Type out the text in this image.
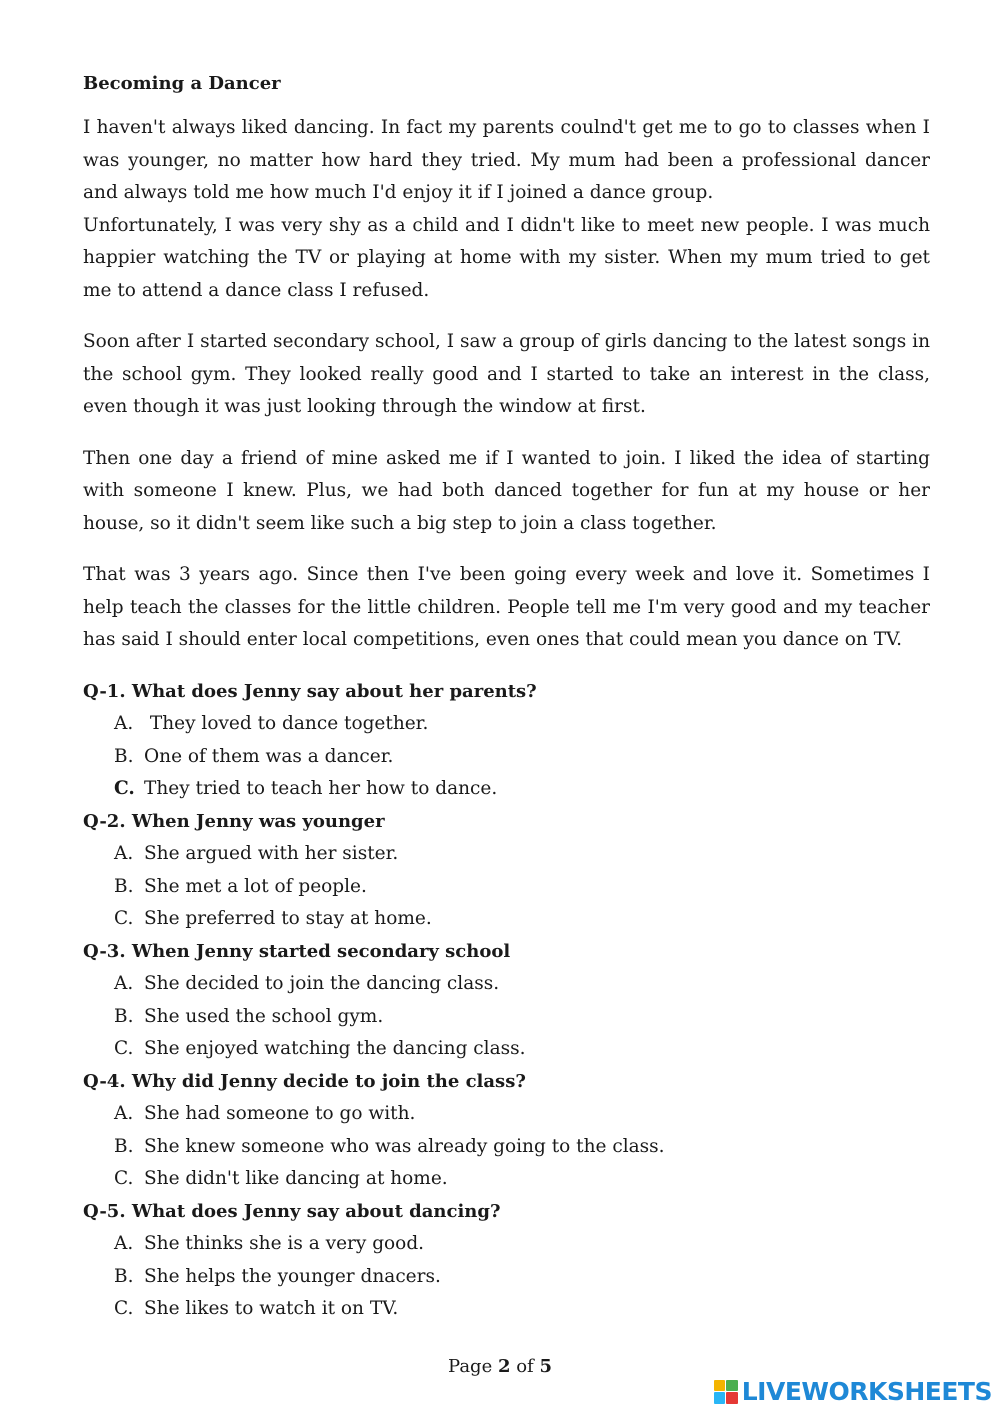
Becoming a Dancer

I haven't always liked dancing. In fact my parents coulnd't get me to go to classes when I was younger, no matter how hard they tried. My mum had been a professional dancer and always told me how much I'd enjoy it if I joined a dance group.

Unfortunately, I was very shy as a child and I didn't like to meet new people. I was much happier watching the TV or playing at home with my sister. When my mum tried to get me to attend a dance class I refused.

Soon after I started secondary school, I saw a group of girls dancing to the latest songs in the school gym. They looked really good and I started to take an interest in the class, even though it was just looking through the window at first.

Then one day a friend of mine asked me if I wanted to join. I liked the idea of starting with someone I knew. Plus, we had both danced together for fun at my house or her house, so it didn't seem like such a big step to join a class together.

That was 3 years ago. Since then I've been going every week and love it. Sometimes I help teach the classes for the little children. People tell me I'm very good and my teacher has said I should enter local competitions, even ones that could mean you dance on TV.

Q-1. What does Jenny say about her parents?
A. They loved to dance together.
B. One of them was a dancer.
C. They tried to teach her how to dance.
Q-2. When Jenny was younger
A. She argued with her sister.
B. She met a lot of people.
C. She preferred to stay at home.
Q-3. When Jenny started secondary school
A. She decided to join the dancing class.
B. She used the school gym.
C. She enjoyed watching the dancing class.
Q-4. Why did Jenny decide to join the class?
A. She had someone to go with.
B. She knew someone who was already going to the class.
C. She didn't like dancing at home.
Q-5. What does Jenny say about dancing?
A. She thinks she is a very good.
B. She helps the younger dnacers.
C. She likes to watch it on TV.
Page 2 of 5
LIVEWORKSHEETS
